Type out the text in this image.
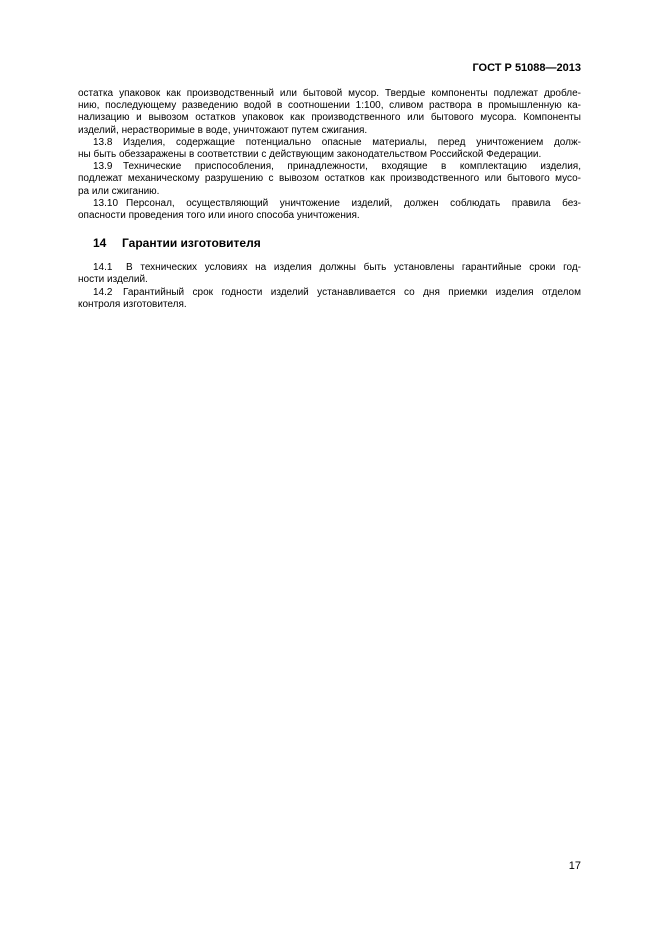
ГОСТ Р 51088—2013

остатка упаковок как производственный или бытовой мусор. Твердые компоненты подлежат дробле-
нию, последующему разведению водой в соотношении 1:100, сливом раствора в промышленную ка-
нализацию и вывозом остатков упаковок как производственного или бытового мусора. Компоненты
изделий, нерастворимые в воде, уничтожают путем сжигания.

13.8 Изделия, содержащие потенциально опасные материалы, перед уничтожением долж-
ны быть обеззаражены в соответствии с действующим законодательством Российской Федерации.

13.9 Технические приспособления, принадлежности, входящие в комплектацию изделия,
подлежат механическому разрушению с вывозом остатков как производственного или бытового мусо-
ра или сжиганию.

13.10 Персонал, осуществляющий уничтожение изделий, должен соблюдать правила без-
опасности проведения того или иного способа уничтожения.

14 Гарантии изготовителя

14.1 В технических условиях на изделия должны быть установлены гарантийные сроки год-
ности изделий.

14.2 Гарантийный срок годности изделий устанавливается со дня приемки изделия отделом
контроля изготовителя.

17
